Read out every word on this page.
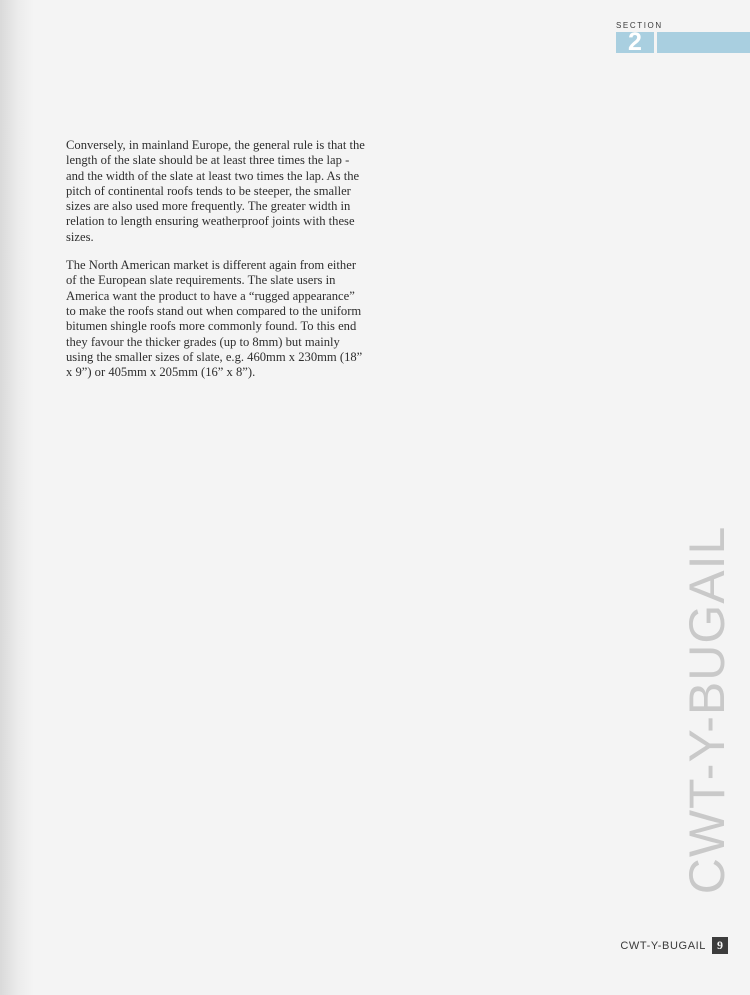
SECTION
2

Conversely, in mainland Europe, the general rule is that the length of the slate should be at least three times the lap - and the width of the slate at least two times the lap. As the pitch of continental roofs tends to be steeper, the smaller sizes are also used more frequently. The greater width in relation to length ensuring weatherproof joints with these sizes.

The North American market is different again from either of the European slate requirements. The slate users in America want the product to have a “rugged appearance” to make the roofs stand out when compared to the uniform bitumen shingle roofs more commonly found. To this end they favour the thicker grades (up to 8mm) but mainly using the smaller sizes of slate, e.g. 460mm x 230mm (18” x 9”) or 405mm x 205mm (16” x 8”).

CWT-Y-BUGAIL
CWT-Y-BUGAIL 9
